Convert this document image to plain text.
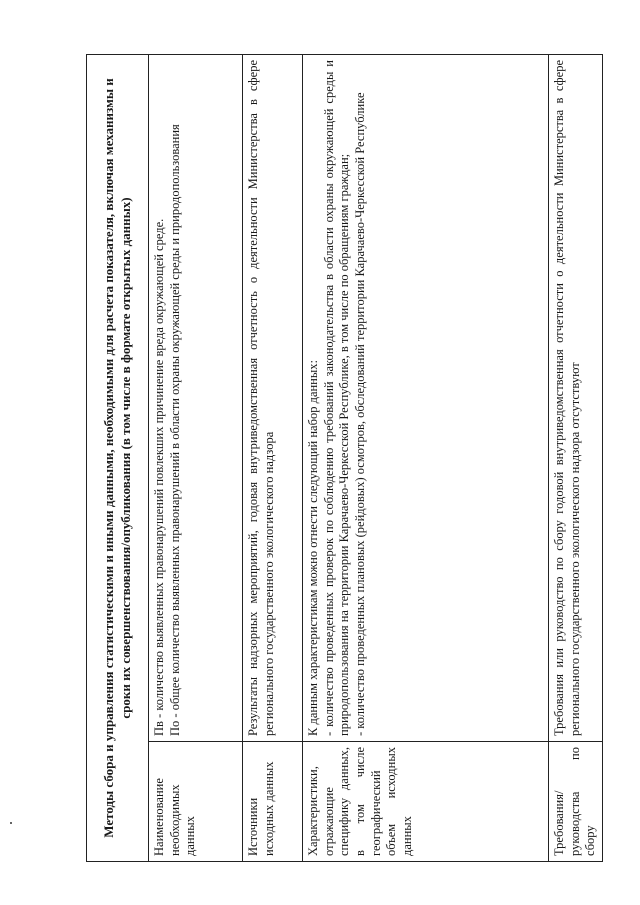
Методы сбора и управления статистическими и иными данными, необходимыми для расчета показателя, включая механизмы и сроки их совершенствования/опубликования (в том числе в формате открытых данных)	
Наименование необходимых данных	Пв - количество выявленных правонарушений повлекших причинение вреда окружающей среде. По - общее количество выявленных правонарушений в области охраны окружающей среды и природопользования

Источники исходных данных	Результаты надзорных мероприятий, годовая внутриведомственная отчетность о деятельности Министерства в сфере регионального государственного экологического надзора

Характеристики, отражающие специфику данных, в том числе географический объем исходных данных	К данным характеристикам можно отнести следующий набор данных: - количество проведенных проверок по соблюдению требований законодательства в области охраны окружающей среды и природопользования на территории Карачаево-Черкесской Республике, в том числе по обращениям граждан; - количество проведенных плановых (рейдовых) осмотров, обследований территории Карачаево-Черкесской Республике

Требования/руководства по сбору	Требования или руководство по сбору годовой внутриведомственная отчетности о деятельности Министерства в сфере регионального государственного экологического надзора отсутствуют
